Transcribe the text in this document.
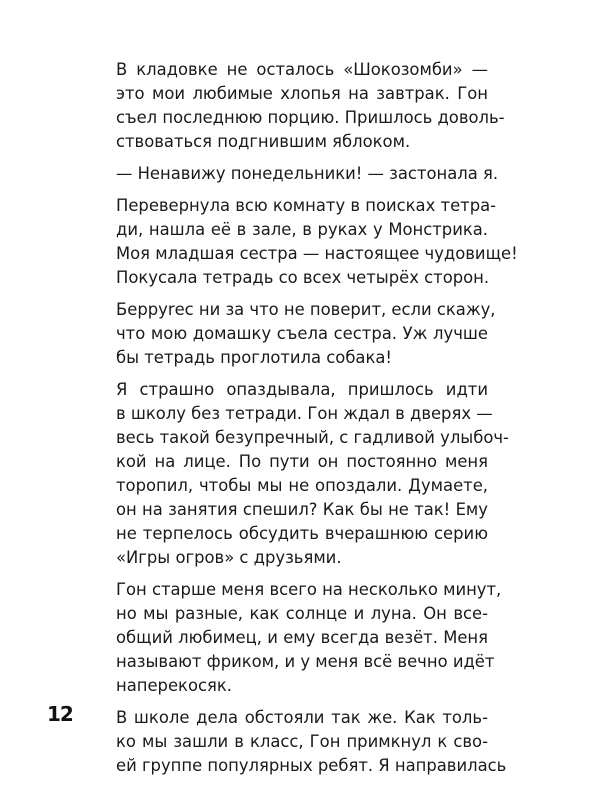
В кладовке не осталось «Шокозомби» —
это мои любимые хлопья на завтрак. Гон
съел последнюю порцию. Пришлось доволь-
ствоваться подгнившим яблоком.
— Ненавижу понедельники! — застонала я.
Перевернула всю комнату в поисках тетра-
ди, нашла её в зале, в руках у Монстрика.
Моя младшая сестра — настоящее чудовище!
Покусала тетрадь со всех четырёх сторон.
Берруrес ни за что не поверит, если скажу,
что мою домашку съела сестра. Уж лучше
бы тетрадь проглотила собака!
Я страшно опаздывала, пришлось идти
в школу без тетради. Гон ждал в дверях —
весь такой безупречный, с гадливой улыбоч-
кой на лице. По пути он постоянно меня
торопил, чтобы мы не опоздали. Думаете,
он на занятия спешил? Как бы не так! Ему
не терпелось обсудить вчерашнюю серию
«Игры огров» с друзьями.
Гон старше меня всего на несколько минут,
но мы разные, как солнце и луна. Он все-
общий любимец, и ему всегда везёт. Меня
называют фриком, и у меня всё вечно идёт
наперекосяк.
В школе дела обстояли так же. Как толь-
ко мы зашли в класс, Гон примкнул к сво-
ей группе популярных ребят. Я направилась
12
